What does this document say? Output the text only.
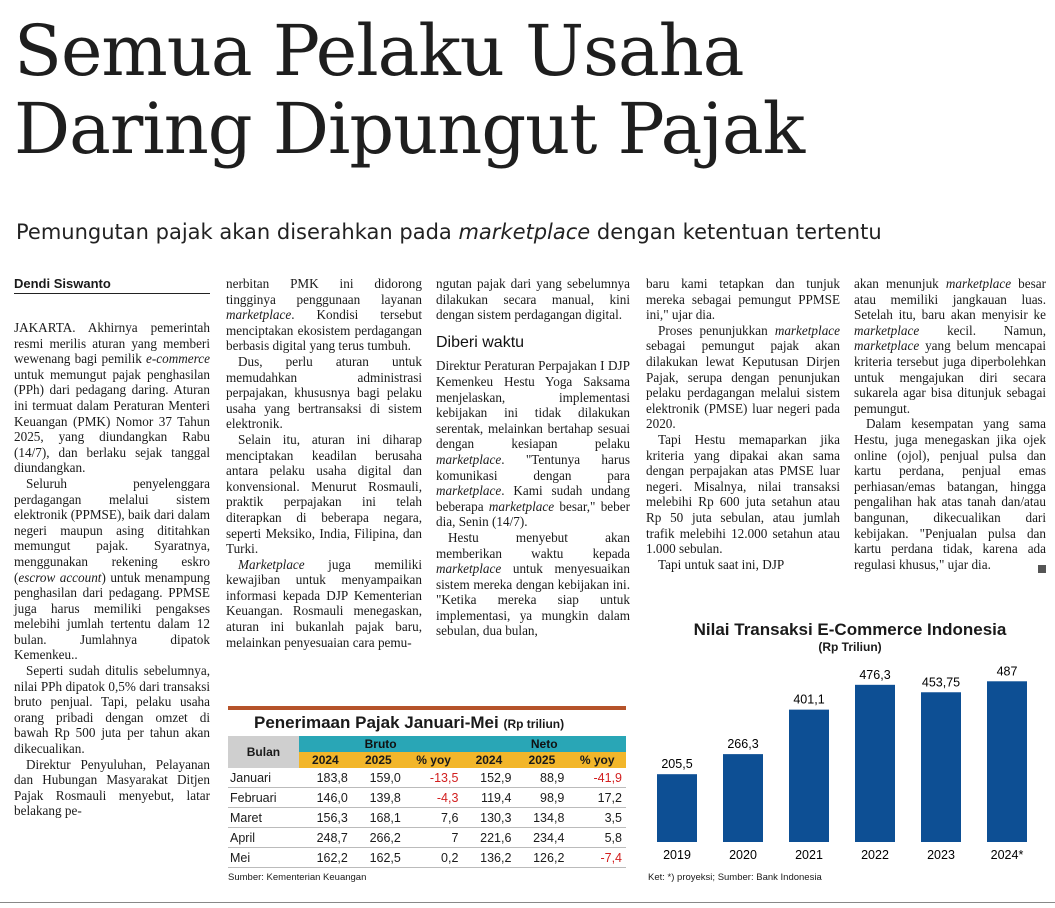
Semua Pelaku Usaha
Daring Dipungut Pajak

Pemungutan pajak akan diserahkan pada marketplace dengan ketentuan tertentu

Dendi Siswanto

JAKARTA. Akhirnya pemerintah resmi merilis aturan yang memberi wewenang bagi pemilik e-commerce untuk memungut pajak penghasilan (PPh) dari pedagang daring. Aturan ini termuat dalam Peraturan Menteri Keuangan (PMK) Nomor 37 Tahun 2025, yang diundangkan Rabu (14/7), dan berlaku sejak tanggal diundangkan.

Seluruh penyelenggara perdagangan melalui sistem elektronik (PPMSE), baik dari dalam negeri maupun asing dititahkan memungut pajak. Syaratnya, menggunakan rekening eskro (escrow account) untuk menampung penghasilan dari pedagang. PPMSE juga harus memiliki pengakses melebihi jumlah tertentu dalam 12 bulan. Jumlahnya dipatok Kemenkeu..

Seperti sudah ditulis sebelumnya, nilai PPh dipatok 0,5% dari transaksi bruto penjual. Tapi, pelaku usaha orang pribadi dengan omzet di bawah Rp 500 juta per tahun akan dikecualikan.

Direktur Penyuluhan, Pelayanan dan Hubungan Masyarakat Ditjen Pajak Rosmauli menyebut, latar belakang pe-

nerbitan PMK ini didorong tingginya penggunaan layanan marketplace. Kondisi tersebut menciptakan ekosistem perdagangan berbasis digital yang terus tumbuh.

Dus, perlu aturan untuk memudahkan administrasi perpajakan, khususnya bagi pelaku usaha yang bertransaksi di sistem elektronik.

Selain itu, aturan ini diharap menciptakan keadilan berusaha antara pelaku usaha digital dan konvensional. Menurut Rosmauli, praktik perpajakan ini telah diterapkan di beberapa negara, seperti Meksiko, India, Filipina, dan Turki.

Marketplace juga memiliki kewajiban untuk menyampaikan informasi kepada DJP Kementerian Keuangan. Rosmauli menegaskan, aturan ini bukanlah pajak baru, melainkan penyesuaian cara pemu-

ngutan pajak dari yang sebelumnya dilakukan secara manual, kini dengan sistem perdagangan digital.

Diberi waktu

Direktur Peraturan Perpajakan I DJP Kemenkeu Hestu Yoga Saksama menjelaskan, implementasi kebijakan ini tidak dilakukan serentak, melainkan bertahap sesuai dengan kesiapan pelaku marketplace. "Tentunya harus komunikasi dengan para marketplace. Kami sudah undang beberapa marketplace besar," beber dia, Senin (14/7).

Hestu menyebut akan memberikan waktu kepada marketplace untuk menyesuaikan sistem mereka dengan kebijakan ini. "Ketika mereka siap untuk implementasi, ya mungkin dalam sebulan, dua bulan,

baru kami tetapkan dan tunjuk mereka sebagai pemungut PPMSE ini," ujar dia.

Proses penunjukkan marketplace sebagai pemungut pajak akan dilakukan lewat Keputusan Dirjen Pajak, serupa dengan penunjukan pelaku perdagangan melalui sistem elektronik (PMSE) luar negeri pada 2020.

Tapi Hestu memaparkan jika kriteria yang dipakai akan sama dengan perpajakan atas PMSE luar negeri. Misalnya, nilai transaksi melebihi Rp 600 juta setahun atau Rp 50 juta sebulan, atau jumlah trafik melebihi 12.000 setahun atau 1.000 sebulan.

Tapi untuk saat ini, DJP

akan menunjuk marketplace besar atau memiliki jangkauan luas. Setelah itu, baru akan menyisir ke marketplace kecil. Namun, marketplace yang belum mencapai kriteria tersebut juga diperbolehkan untuk mengajukan diri secara sukarela agar bisa ditunjuk sebagai pemungut.

Dalam kesempatan yang sama Hestu, juga menegaskan jika ojek online (ojol), penjual pulsa dan kartu perdana, penjual emas perhiasan/emas batangan, hingga pengalihan hak atas tanah dan/atau bangunan, dikecualikan dari kebijakan. "Penjualan pulsa dan kartu perdana tidak, karena ada regulasi khusus," ujar dia.

Penerimaan Pajak Januari-Mei (Rp triliun)
Bulan	Bruto			Neto		
	2024	2025	% yoy	2024	2025	% yoy
Januari	183,8	159,0	-13,5	152,9	88,9	-41,9
Februari	146,0	139,8	-4,3	119,4	98,9	17,2
Maret	156,3	168,1	7,6	130,3	134,8	3,5
April	248,7	266,2	7	221,6	234,4	5,8
Mei	162,2	162,5	0,2	136,2	126,2	-7,4
Sumber: Kementerian Keuangan
Nilai Transaksi E-Commerce Indonesia
(Rp Triliun)
205,5
2019
266,3
2020
401,1
2021
476,3
2022
453,75
2023
487
2024*
Ket: *) proyeksi; Sumber: Bank Indonesia
